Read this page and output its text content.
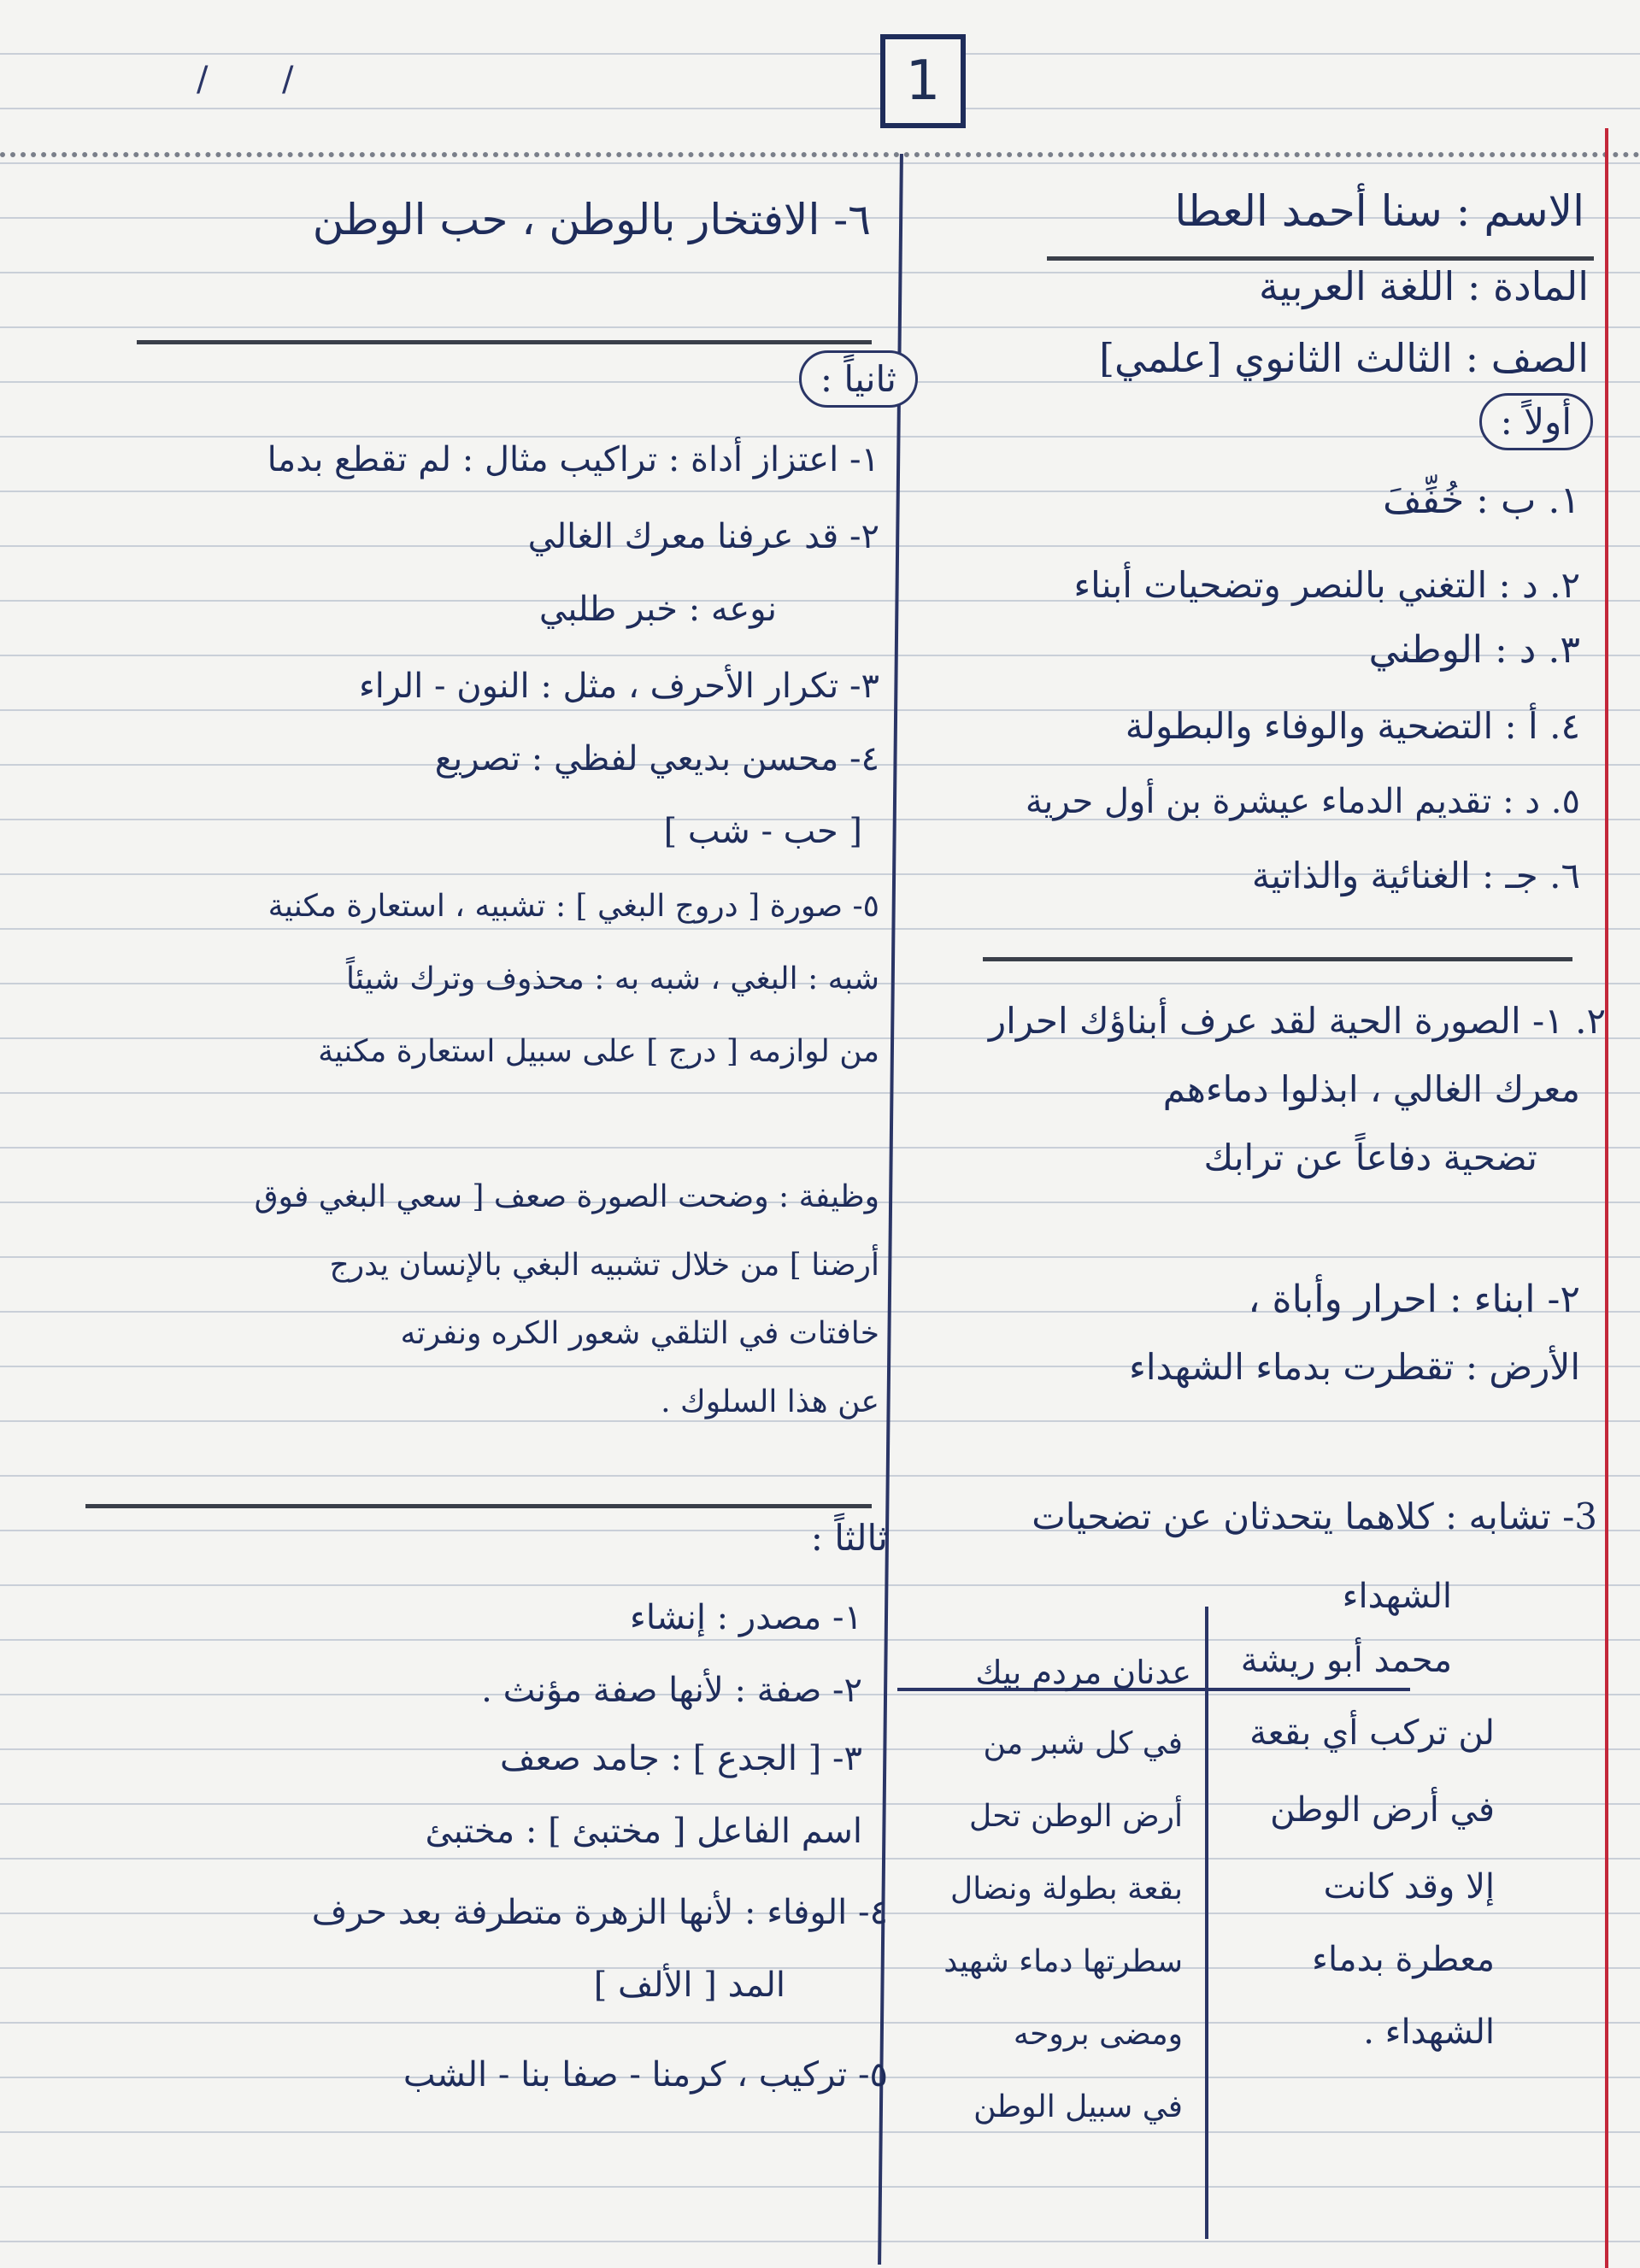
1
/ /
الاسم : سنا أحمد العطا
المادة : اللغة العربية
الصف : الثالث الثانوي [علمي]
أولاً :
١. ب : خُفِّفَ
٢. د : التغني بالنصر وتضحيات أبناء
٣. د : الوطني
٤. أ : التضحية والوفاء والبطولة
٥. د : تقديم الدماء عيشرة بن أول حرية
٦. جـ : الغنائية والذاتية
٢. ١- الصورة الحية لقد عرف أبناؤك احرار
معرك الغالي ، ابذلوا دماءهم
تضحية دفاعاً عن ترابك
٢- ابناء : احرار وأباة ،
الأرض : تقطرت بدماء الشهداء
3- تشابه : كلاهما يتحدثان عن تضحيات
الشهداء
محمد أبو ريشة
عدنان مردم بيك
لن تركب أي بقعة
في أرض الوطن
إلا وقد كانت
معطرة بدماء
الشهداء .
في كل شبر من
أرض الوطن تحل
بقعة بطولة ونضال
سطرتها دماء شهيد
ومضى بروحه
في سبيل الوطن
٦- الافتخار بالوطن ، حب الوطن
ثانياً :
١- اعتزاز أداة : تراكيب مثال : لم تقطع بدما
٢- قد عرفنا معرك الغالي
نوعه : خبر طلبي
٣- تكرار الأحرف ، مثل : النون - الراء
٤- محسن بديعي لفظي : تصريع
[ حب - شب ]
٥- صورة [ دروج البغي ] : تشبيه ، استعارة مكنية
شبه : البغي ، شبه به : محذوف وترك شيئاً
من لوازمه [ درج ] على سبيل استعارة مكنية
وظيفة : وضحت الصورة صعف [ سعي البغي فوق
أرضنا ] من خلال تشبيه البغي بالإنسان يدرج
خافتات في التلقي شعور الكره ونفرته
عن هذا السلوك .
ثالثاً :
١- مصدر : إنشاء
٢- صفة : لأنها صفة مؤنث .
٣- [ الجدع ] : جامد صعف
اسم الفاعل [ مختبئ ] : مختبئ
٤- الوفاء : لأنها الزهرة متطرفة بعد حرف
المد [ الألف ]
٥- تركيب ، كرمنا - صفا بنا - الشب
